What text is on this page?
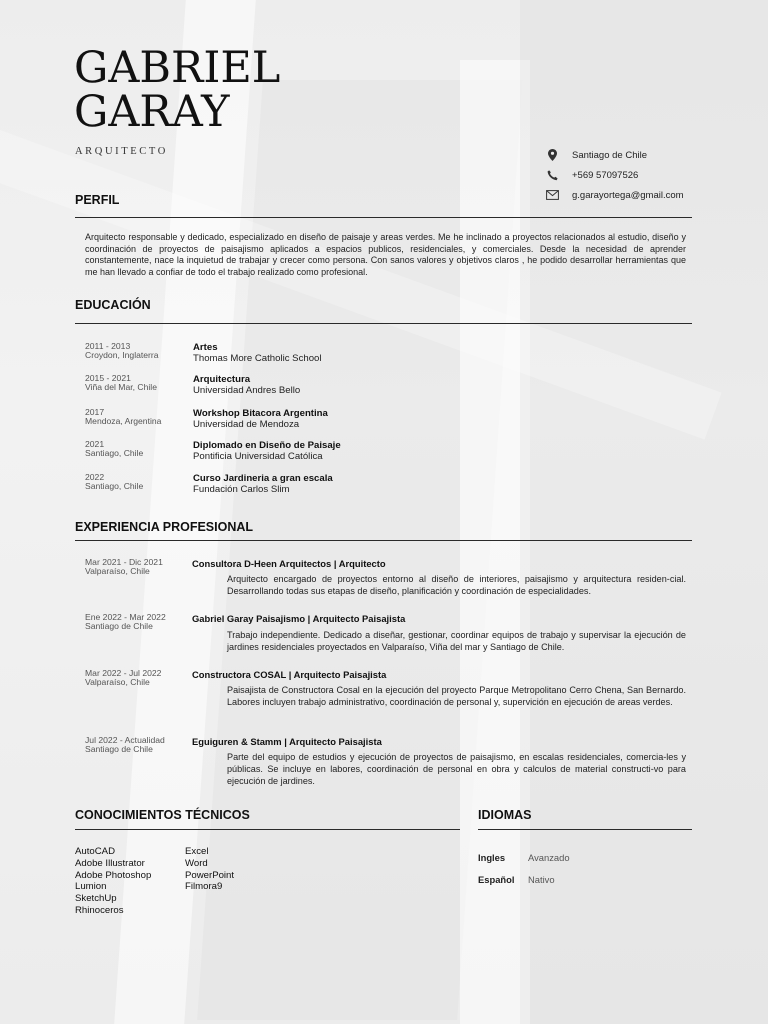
GABRIEL
GARAY
ARQUITECTO	Santiago de Chile
+569 57097526
g.garayortega@gmail.com
PERFIL
Arquitecto responsable y dedicado, especializado en diseño de paisaje y areas verdes. Me he inclinado a proyectos relacionados al estudio, diseño y coordinación de proyectos de paisajismo aplicados a espacios publicos, residenciales, y comerciales. Desde la necesidad de aprender constantemente, nace la inquietud de trabajar y crecer como persona. Con sanos valores y objetivos claros , he podido desarrollar herramientas que me han llevado a confiar de todo el trabajo realizado como profesional.
EDUCACIÓN
2011 - 2013
Croydon, Inglaterra
Artes
Thomas More Catholic School
2015 - 2021
Viña del Mar, Chile
Arquitectura
Universidad Andres Bello
2017
Mendoza, Argentina
Workshop Bitacora Argentina
Universidad de Mendoza
2021
Santiago, Chile
Diplomado en Diseño de Paisaje
Pontificia Universidad Católica
2022
Santiago, Chile
Curso Jardineria a gran escala
Fundación Carlos Slim
EXPERIENCIA PROFESIONAL
Mar 2021 - Dic 2021
Valparaíso, Chile
Consultora D-Heen Arquitectos | Arquitecto
Arquitecto encargado de proyectos entorno al diseño de interiores, paisajismo y arquitectura residen-cial. Desarrollando todas sus etapas de diseño, planificación y coordinación de especialidades.
Ene 2022 - Mar 2022
Santiago de Chile
Gabriel Garay Paisajismo | Arquitecto Paisajista
Trabajo independiente. Dedicado a diseñar, gestionar, coordinar equipos de trabajo y supervisar la ejecución de jardines residenciales proyectados en Valparaíso, Viña del mar y Santiago de Chile.
Mar 2022 - Jul 2022
Valparaíso, Chile
Constructora COSAL | Arquitecto Paisajista
Paisajista de Constructora Cosal en la ejecución del proyecto Parque Metropolitano Cerro Chena, San Bernardo. Labores incluyen trabajo administrativo, coordinación de personal y, supervición en ejecución de areas verdes.
Jul 2022 - Actualidad
Santiago de Chile
Eguiguren & Stamm | Arquitecto Paisajista
Parte del equipo de estudios y ejecución de proyectos de paisajismo, en escalas residenciales, comercia-les y públicas. Se incluye en labores, coordinación de personal en obra y calculos de material constructi-vo para ejecución de jardines.
CONOCIMIENTOS TÉCNICOS
AutoCAD
Adobe Illustrator
Adobe Photoshop
Lumion
SketchUp
Rhinoceros
Excel
Word
PowerPoint
Filmora9
IDIOMAS
Ingles Avanzado
Español Nativo
